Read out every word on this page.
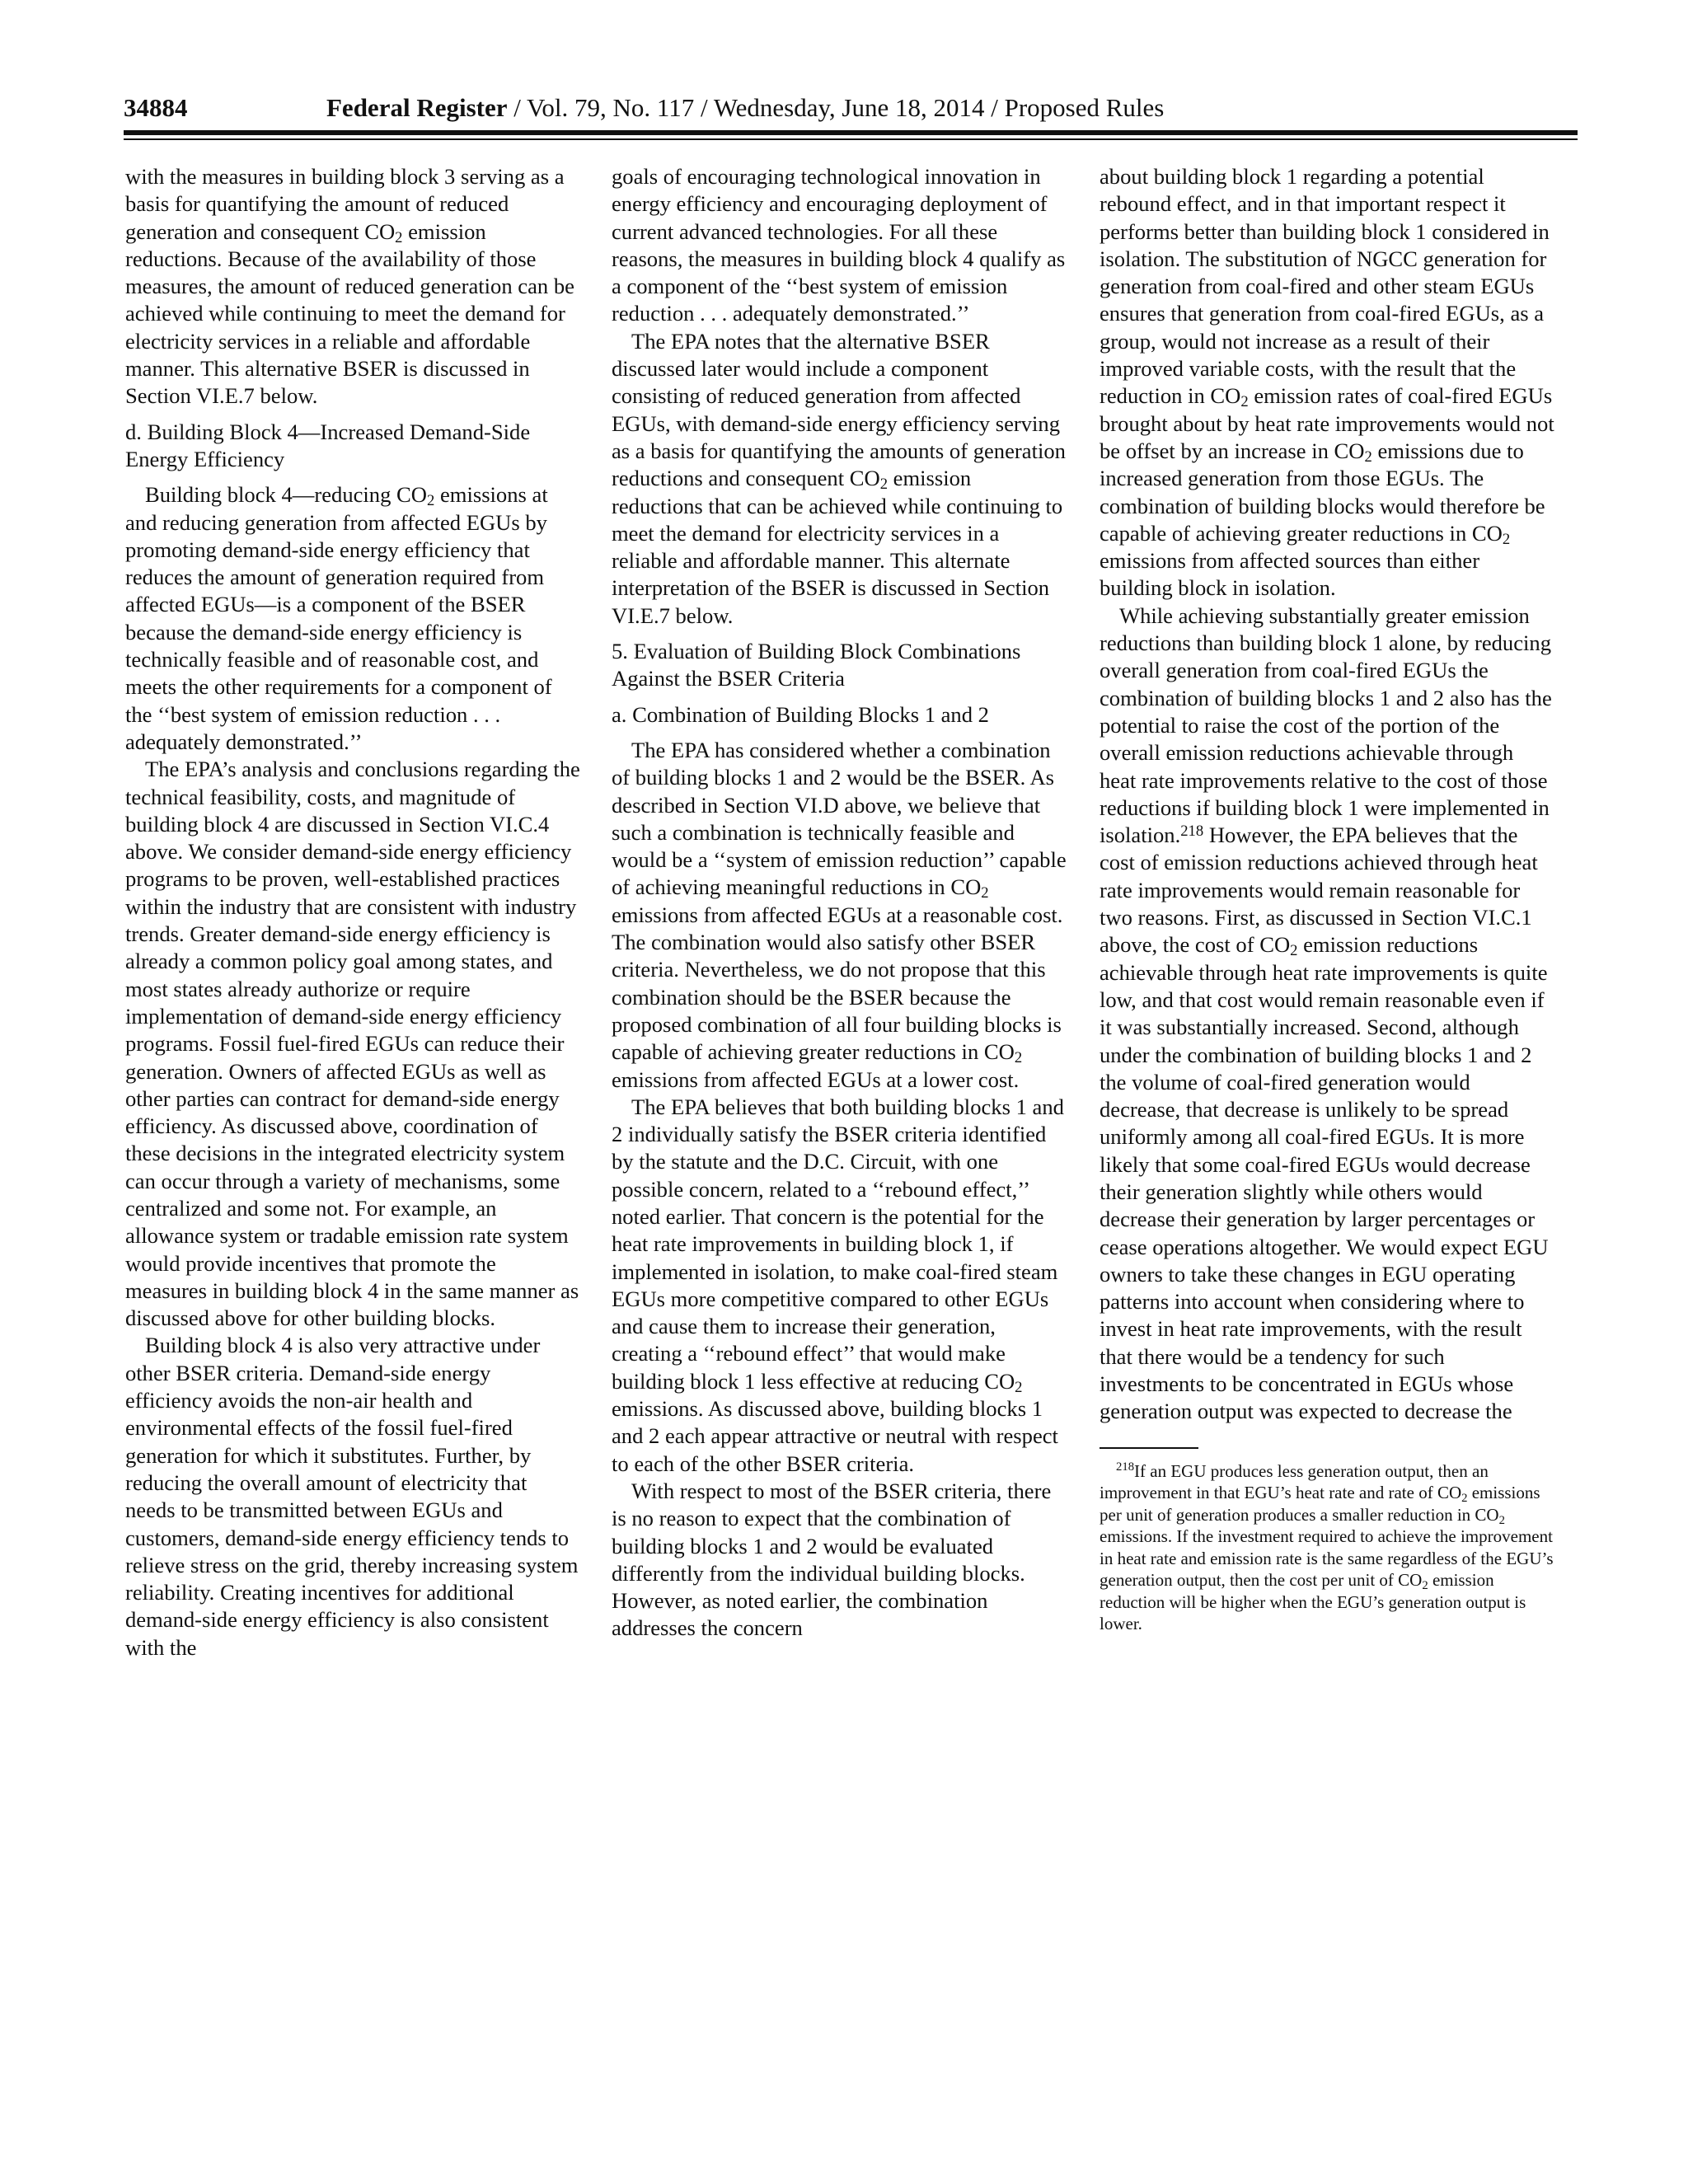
34884	Federal Register / Vol. 79, No. 117 / Wednesday, June 18, 2014 / Proposed Rules

with the measures in building block 3 serving as a basis for quantifying the amount of reduced generation and consequent $CO_2$ emission reductions. Because of the availability of those measures, the amount of reduced generation can be achieved while continuing to meet the demand for electricity services in a reliable and affordable manner. This alternative BSER is discussed in Section VI.E.7 below.

d. Building Block 4—Increased Demand-Side Energy Efficiency

Building block 4—reducing $CO_2$ emissions at and reducing generation from affected EGUs by promoting demand-side energy efficiency that reduces the amount of generation required from affected EGUs—is a component of the BSER because the demand-side energy efficiency is technically feasible and of reasonable cost, and meets the other requirements for a component of the ‘‘best system of emission reduction . . . adequately demonstrated.’’

The EPA’s analysis and conclusions regarding the technical feasibility, costs, and magnitude of building block 4 are discussed in Section VI.C.4 above. We consider demand-side energy efficiency programs to be proven, well-established practices within the industry that are consistent with industry trends. Greater demand-side energy efficiency is already a common policy goal among states, and most states already authorize or require implementation of demand-side energy efficiency programs. Fossil fuel-fired EGUs can reduce their generation. Owners of affected EGUs as well as other parties can contract for demand-side energy efficiency. As discussed above, coordination of these decisions in the integrated electricity system can occur through a variety of mechanisms, some centralized and some not. For example, an allowance system or tradable emission rate system would provide incentives that promote the measures in building block 4 in the same manner as discussed above for other building blocks.

Building block 4 is also very attractive under other BSER criteria. Demand-side energy efficiency avoids the non-air health and environmental effects of the fossil fuel-fired generation for which it substitutes. Further, by reducing the overall amount of electricity that needs to be transmitted between EGUs and customers, demand-side energy efficiency tends to relieve stress on the grid, thereby increasing system reliability. Creating incentives for additional demand-side energy efficiency is also consistent with the

goals of encouraging technological innovation in energy efficiency and encouraging deployment of current advanced technologies. For all these reasons, the measures in building block 4 qualify as a component of the ‘‘best system of emission reduction . . . adequately demonstrated.’’

The EPA notes that the alternative BSER discussed later would include a component consisting of reduced generation from affected EGUs, with demand-side energy efficiency serving as a basis for quantifying the amounts of generation reductions and consequent $CO_2$ emission reductions that can be achieved while continuing to meet the demand for electricity services in a reliable and affordable manner. This alternate interpretation of the BSER is discussed in Section VI.E.7 below.

5. Evaluation of Building Block Combinations Against the BSER Criteria

a. Combination of Building Blocks 1 and 2

The EPA has considered whether a combination of building blocks 1 and 2 would be the BSER. As described in Section VI.D above, we believe that such a combination is technically feasible and would be a ‘‘system of emission reduction’’ capable of achieving meaningful reductions in $CO_2$ emissions from affected EGUs at a reasonable cost. The combination would also satisfy other BSER criteria. Nevertheless, we do not propose that this combination should be the BSER because the proposed combination of all four building blocks is capable of achieving greater reductions in $CO_2$ emissions from affected EGUs at a lower cost.

The EPA believes that both building blocks 1 and 2 individually satisfy the BSER criteria identified by the statute and the D.C. Circuit, with one possible concern, related to a ‘‘rebound effect,’’ noted earlier. That concern is the potential for the heat rate improvements in building block 1, if implemented in isolation, to make coal-fired steam EGUs more competitive compared to other EGUs and cause them to increase their generation, creating a ‘‘rebound effect’’ that would make building block 1 less effective at reducing $CO_2$ emissions. As discussed above, building blocks 1 and 2 each appear attractive or neutral with respect to each of the other BSER criteria.

With respect to most of the BSER criteria, there is no reason to expect that the combination of building blocks 1 and 2 would be evaluated differently from the individual building blocks. However, as noted earlier, the combination addresses the concern

about building block 1 regarding a potential rebound effect, and in that important respect it performs better than building block 1 considered in isolation. The substitution of NGCC generation for generation from coal-fired and other steam EGUs ensures that generation from coal-fired EGUs, as a group, would not increase as a result of their improved variable costs, with the result that the reduction in $CO_2$ emission rates of coal-fired EGUs brought about by heat rate improvements would not be offset by an increase in $CO_2$ emissions due to increased generation from those EGUs. The combination of building blocks would therefore be capable of achieving greater reductions in $CO_2$ emissions from affected sources than either building block in isolation.

While achieving substantially greater emission reductions than building block 1 alone, by reducing overall generation from coal-fired EGUs the combination of building blocks 1 and 2 also has the potential to raise the cost of the portion of the overall emission reductions achievable through heat rate improvements relative to the cost of those reductions if building block 1 were implemented in isolation.$^{218}$ However, the EPA believes that the cost of emission reductions achieved through heat rate improvements would remain reasonable for two reasons. First, as discussed in Section VI.C.1 above, the cost of $CO_2$ emission reductions achievable through heat rate improvements is quite low, and that cost would remain reasonable even if it was substantially increased. Second, although under the combination of building blocks 1 and 2 the volume of coal-fired generation would decrease, that decrease is unlikely to be spread uniformly among all coal-fired EGUs. It is more likely that some coal-fired EGUs would decrease their generation slightly while others would decrease their generation by larger percentages or cease operations altogether. We would expect EGU owners to take these changes in EGU operating patterns into account when considering where to invest in heat rate improvements, with the result that there would be a tendency for such investments to be concentrated in EGUs whose generation output was expected to decrease the

$^{218}$If an EGU produces less generation output, then an improvement in that EGU’s heat rate and rate of $CO_2$ emissions per unit of generation produces a smaller reduction in $CO_2$ emissions. If the investment required to achieve the improvement in heat rate and emission rate is the same regardless of the EGU’s generation output, then the cost per unit of $CO_2$ emission reduction will be higher when the EGU’s generation output is lower.
